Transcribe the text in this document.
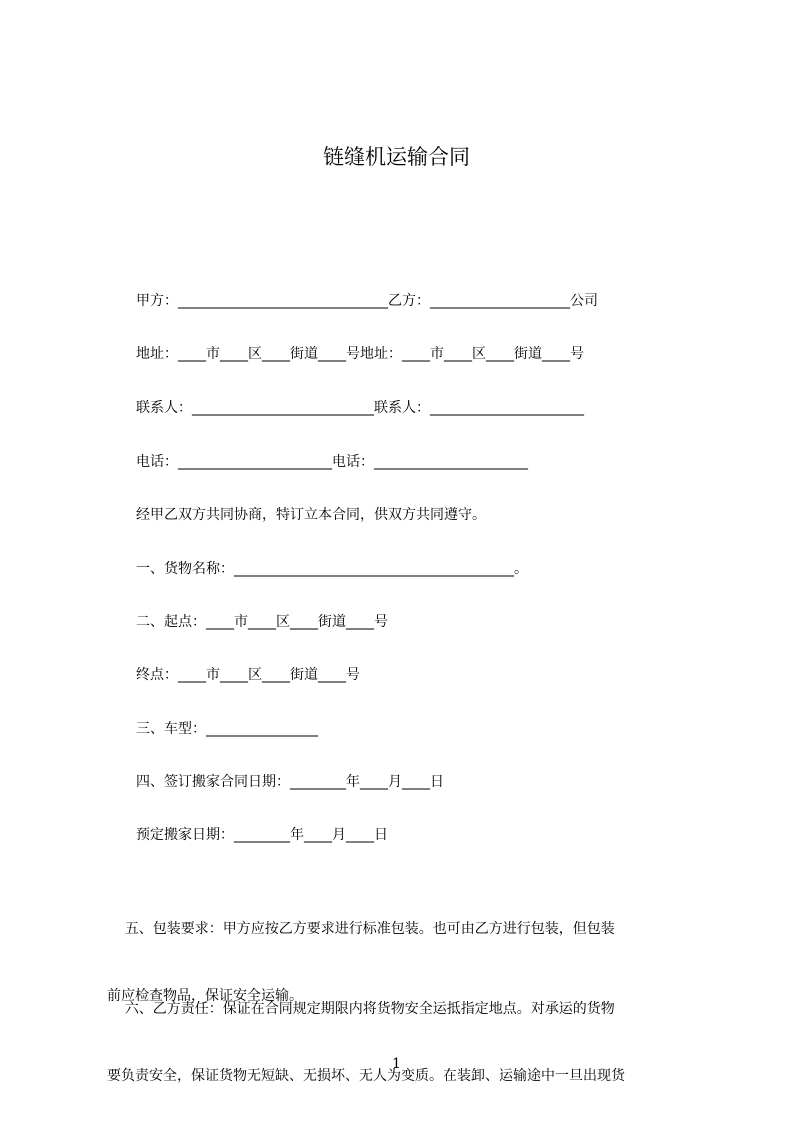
链缝机运输合同
甲方：______________________________乙方：____________________公司
地址：____市____区____街道____号地址：____市____区____街道____号
联系人：__________________________联系人：______________________
电话：______________________电话：______________________
经甲乙双方共同协商，特订立本合同，供双方共同遵守。
一、货物名称：________________________________________。
二、起点：____市____区____街道____号
终点：____市____区____街道____号
三、车型：________________
四、签订搬家合同日期：________年____月____日
预定搬家日期：________年____月____日

五、包装要求：甲方应按乙方要求进行标准包装。也可由乙方进行包装，但包装

前应检查物品，保证安全运输。

六、乙方责任：保证在合同规定期限内将货物安全运抵指定地点。对承运的货物

要负责安全，保证货物无短缺、无损坏、无人为变质。在装卸、运输途中一旦出现货

1
